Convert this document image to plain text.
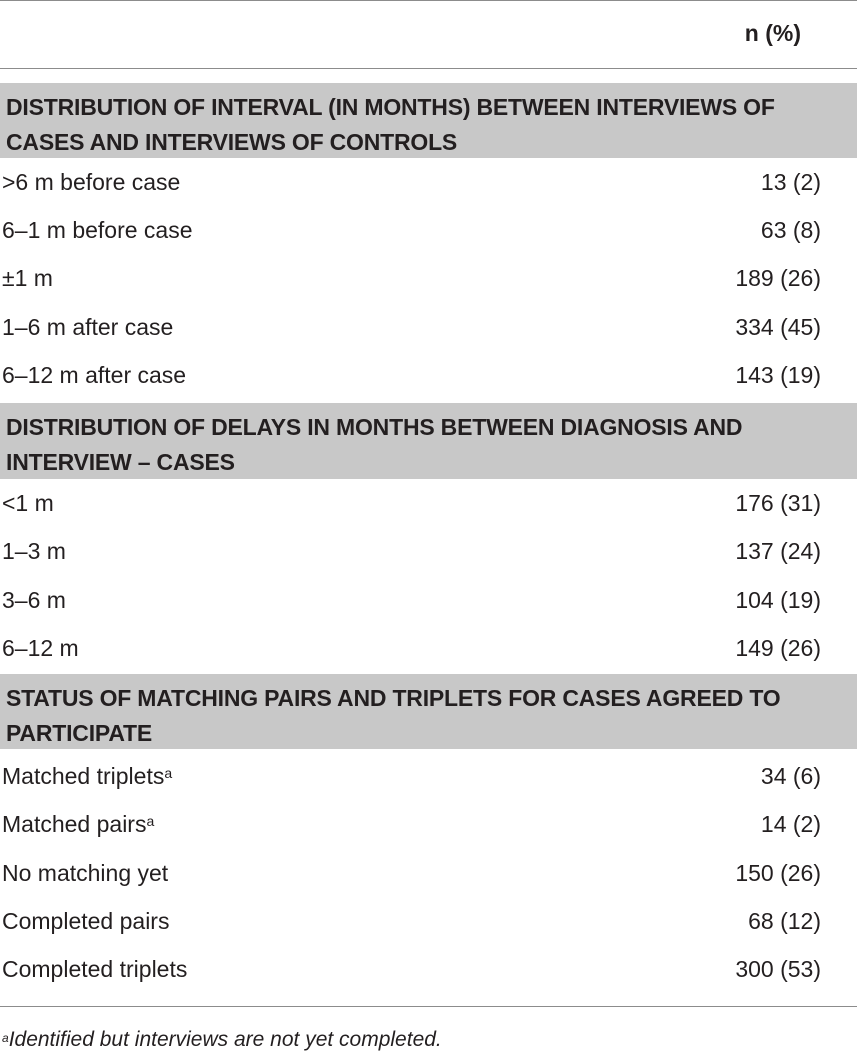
n (%)
DISTRIBUTION OF INTERVAL (IN MONTHS) BETWEEN INTERVIEWS OF CASES AND INTERVIEWS OF CONTROLS
>6 m before case	13 (2)
6–1 m before case	63 (8)
±1 m	189 (26)
1–6 m after case	334 (45)
6–12 m after case	143 (19)
DISTRIBUTION OF DELAYS IN MONTHS BETWEEN DIAGNOSIS AND INTERVIEW – CASES
<1 m	176 (31)
1–3 m	137 (24)
3–6 m	104 (19)
6–12 m	149 (26)
STATUS OF MATCHING PAIRS AND TRIPLETS FOR CASES AGREED TO PARTICIPATE
Matched triplets$^a$	34 (6)
Matched pairs$^a$	14 (2)
No matching yet	150 (26)
Completed pairs	68 (12)
Completed triplets	300 (53)
$^a$Identified but interviews are not yet completed.
